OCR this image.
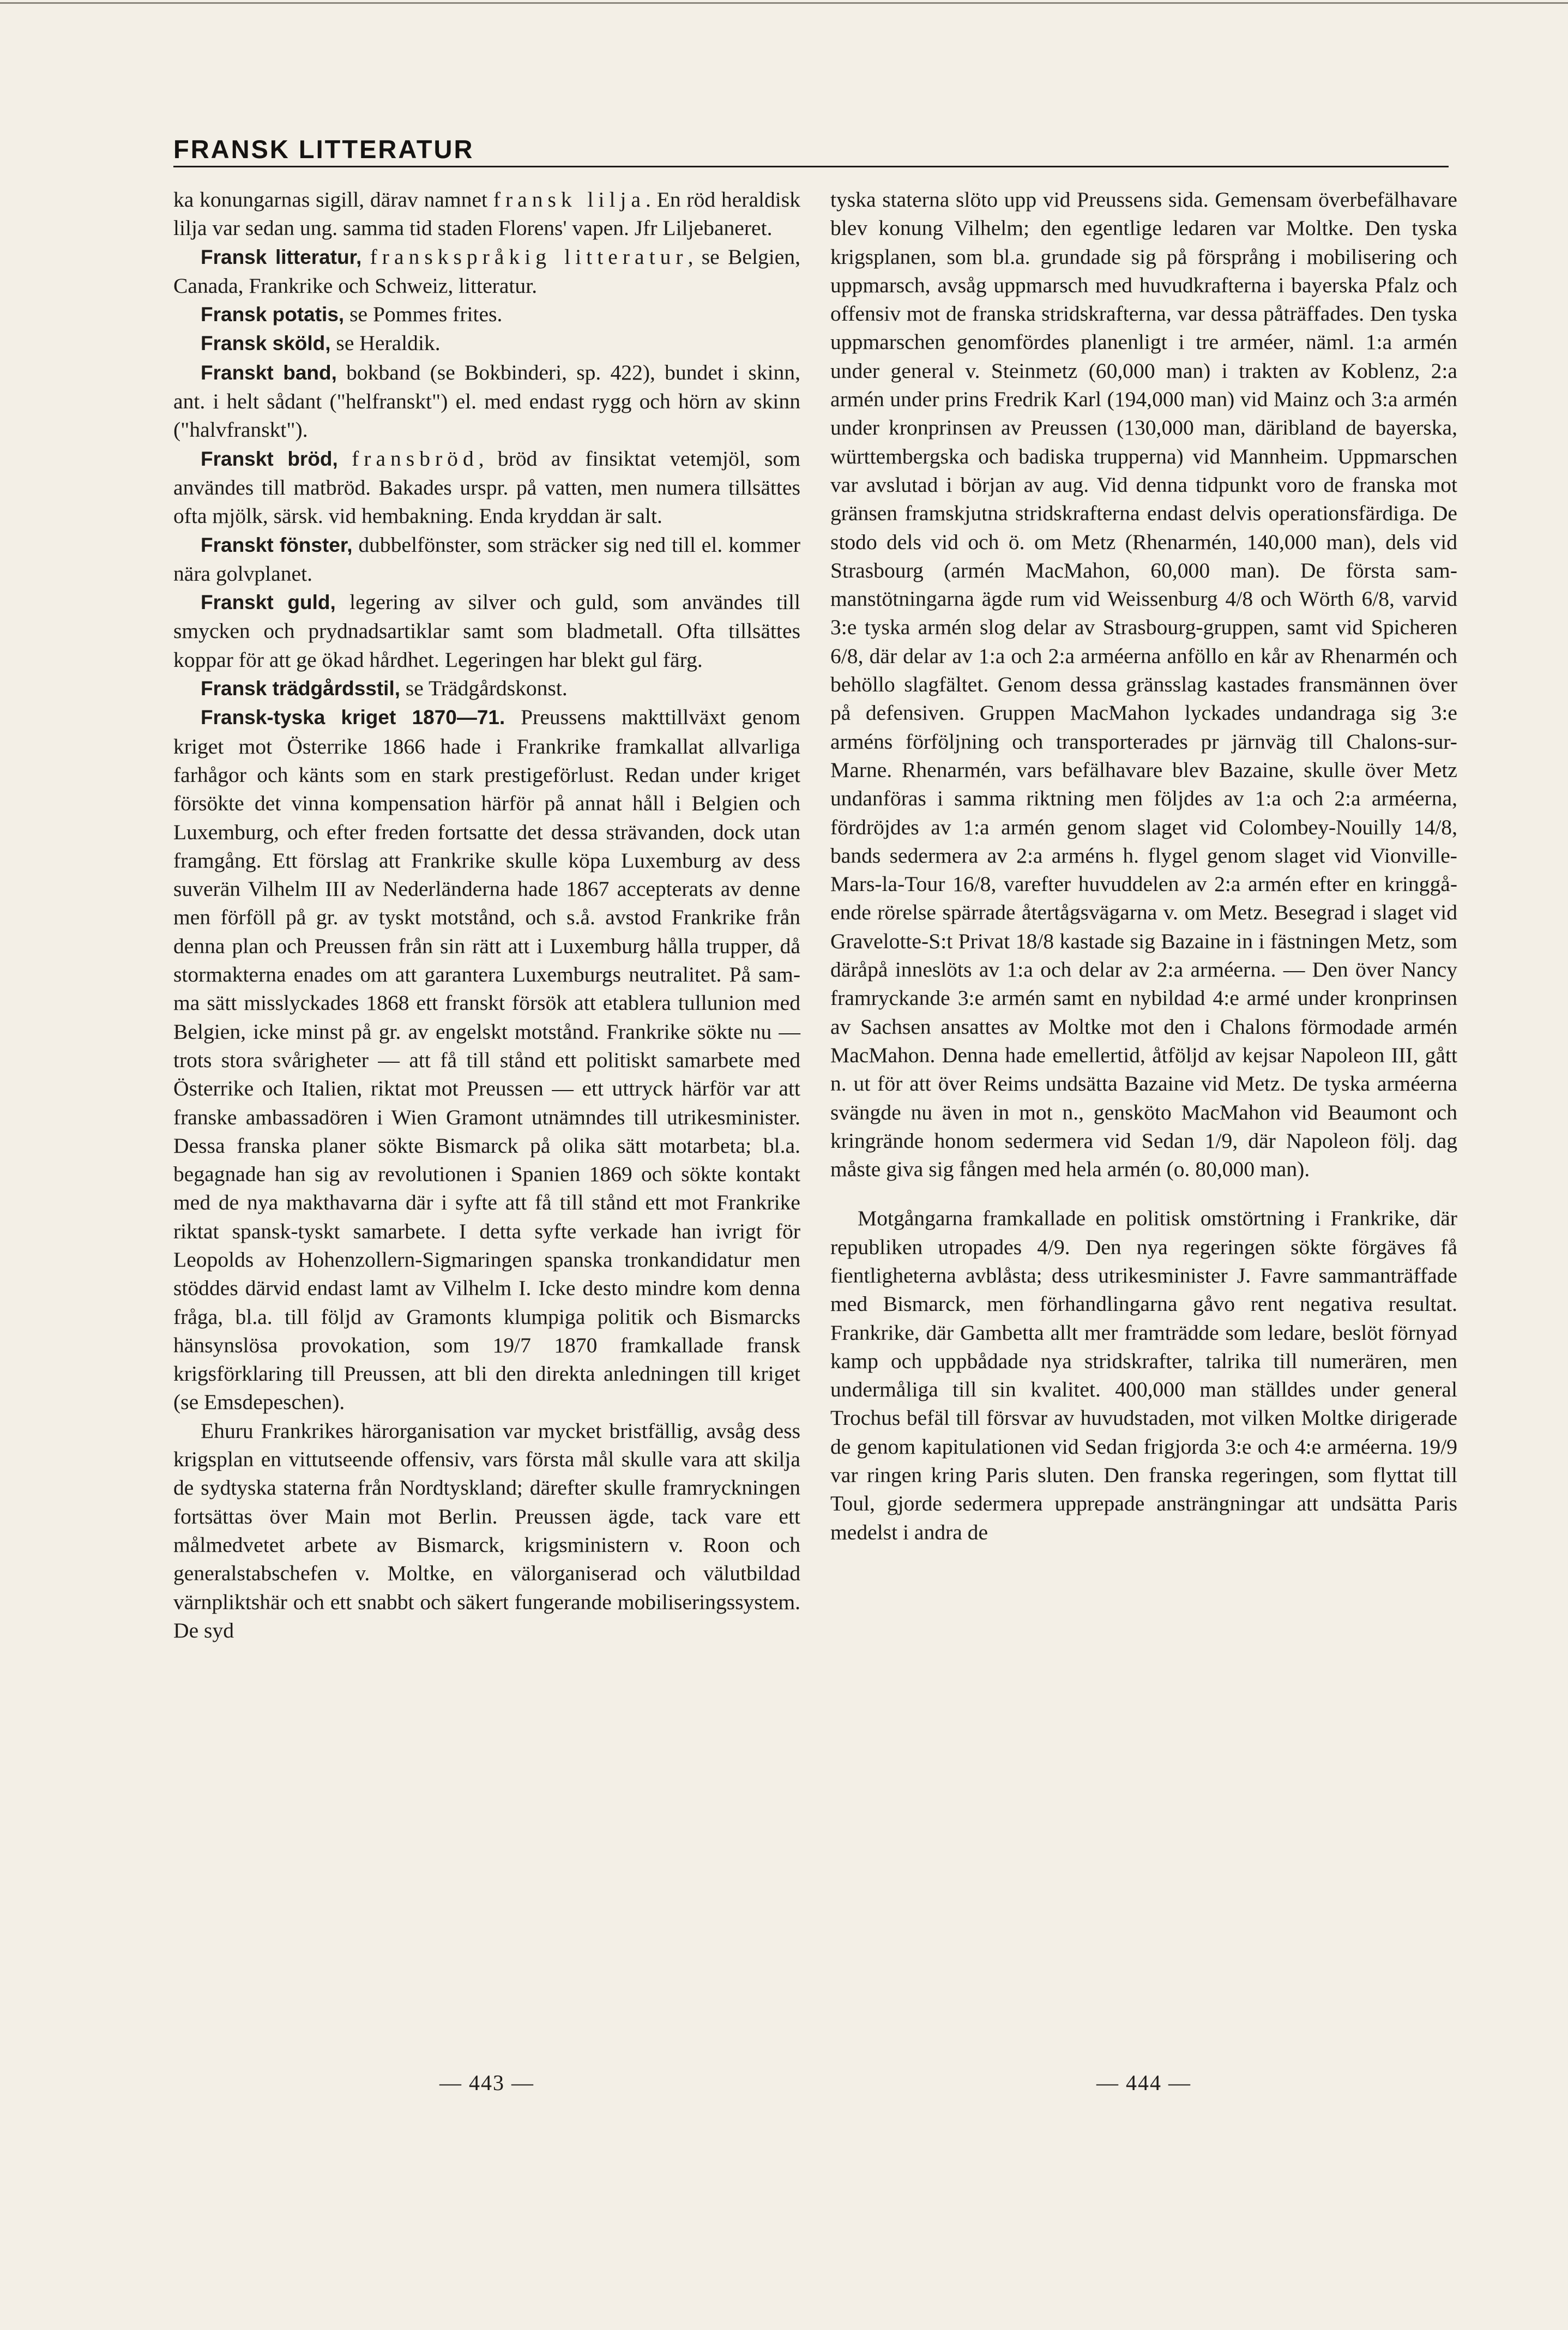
FRANSK LITTERATUR

ka konungarnas sigill, därav namnet fransk lilja. En röd heraldisk lilja var sedan ung. samma tid staden Florens' vapen. Jfr Liljebaneret.

Fransk litteratur, franskspråkig litteratur, se Belgien, Canada, Frankrike och Schweiz, litteratur.

Fransk potatis, se Pommes frites.

Fransk sköld, se Heraldik.

Franskt band, bokband (se Bokbinderi, sp. 422), bundet i skinn, ant. i helt sådant ("helfranskt") el. med endast rygg och hörn av skinn ("halvfranskt").

Franskt bröd, fransbröd, bröd av finsiktat vetemjöl, som användes till matbröd. Bakades urspr. på vatten, men numera tillsättes ofta mjölk, särsk. vid hembakning. Enda kryddan är salt.

Franskt fönster, dubbelfönster, som sträcker sig ned till el. kommer nära golvplanet.

Franskt guld, legering av silver och guld, som användes till smycken och prydnadsartiklar samt som bladmetall. Ofta tillsättes koppar för att ge ökad hårdhet. Legeringen har blekt gul färg.

Fransk trädgårdsstil, se Trädgårdskonst.

Fransk-tyska kriget 1870—71. Preussens makttillväxt genom kriget mot Österrike 1866 hade i Frankrike framkallat allvarliga farhågor och känts som en stark prestigeförlust. Redan under kriget försökte det vinna kompensation härför på annat håll i Belgien och Luxemburg, och efter freden fortsatte det dessa strävanden, dock utan framgång. Ett förslag att Frankrike skulle köpa Luxemburg av dess suverän Vilhelm III av Nederländerna hade 1867 accepterats av denne men förföll på gr. av tyskt motstånd, och s.å. avstod Frankrike från denna plan och Preussen från sin rätt att i Luxemburg hålla trupper, då stormakterna enades om att garantera Luxemburgs neutralitet. På samma sätt misslyckades 1868 ett franskt försök att etablera tullunion med Belgien, icke minst på gr. av engelskt motstånd. Frankrike sökte nu — trots stora svårigheter — att få till stånd ett politiskt samarbete med Österrike och Italien, riktat mot Preussen — ett uttryck härför var att franske ambassadören i Wien Gramont utnämndes till utrikesminister. Dessa franska planer sökte Bismarck på olika sätt motarbeta; bl.a. begagnade han sig av revolutionen i Spanien 1869 och sökte kontakt med de nya makthavarna där i syfte att få till stånd ett mot Frankrike riktat spansk-tyskt samarbete. I detta syfte verkade han ivrigt för Leopolds av Hohenzollern-Sigmaringen spanska tronkandidatur men stöddes därvid endast lamt av Vilhelm I. Icke desto mindre kom denna fråga, bl.a. till följd av Gramonts klumpiga politik och Bismarcks hänsynslösa provokation, som 19/7 1870 framkallade fransk krigsförklaring till Preussen, att bli den direkta anledningen till kriget (se Emsdepeschen).

Ehuru Frankrikes härorganisation var mycket bristfällig, avsåg dess krigsplan en vittutseende offensiv, vars första mål skulle vara att skilja de sydtyska staterna från Nordtyskland; därefter skulle framryckningen fortsättas över Main mot Berlin. Preussen ägde, tack vare ett målmedvetet arbete av Bismarck, krigsministern v. Roon och generalstabschefen v. Moltke, en välorganiserad och välutbildad värnpliktshär och ett snabbt och säkert fungerande mobiliseringssystem. De syd

tyska staterna slöto upp vid Preussens sida. Gemensam överbefälhavare blev konung Vilhelm; den egentlige ledaren var Moltke. Den tyska krigsplanen, som bl.a. grundade sig på försprång i mobilisering och uppmarsch, avsåg uppmarsch med huvudkrafterna i bayerska Pfalz och offensiv mot de franska stridskrafterna, var dessa påträffades. Den tyska uppmarschen genomfördes planenligt i tre arméer, näml. 1:a armén under general v. Steinmetz (60,000 man) i trakten av Koblenz, 2:a armén under prins Fredrik Karl (194,000 man) vid Mainz och 3:a armén under kronprinsen av Preussen (130,000 man, däribland de bayerska, württembergska och badiska trupperna) vid Mannheim. Uppmarschen var avslutad i början av aug. Vid denna tidpunkt voro de franska mot gränsen framskjutna stridskrafterna endast delvis operationsfärdiga. De stodo dels vid och ö. om Metz (Rhenarmén, 140,000 man), dels vid Strasbourg (armén MacMahon, 60,000 man). De första sammanstötningarna ägde rum vid Weissenburg 4/8 och Wörth 6/8, varvid 3:e tyska armén slog delar av Strasbourg-gruppen, samt vid Spicheren 6/8, där delar av 1:a och 2:a arméerna anföllo en kår av Rhenarmén och behöllo slagfältet. Genom dessa gränsslag kastades fransmännen över på defensiven. Gruppen MacMahon lyckades undandraga sig 3:e arméns förföljning och transporterades pr järnväg till Chalons-sur-Marne. Rhenarmén, vars befälhavare blev Bazaine, skulle över Metz undanföras i samma riktning men följdes av 1:a och 2:a arméerna, fördröjdes av 1:a armén genom slaget vid Colombey-Nouilly 14/8, bands sedermera av 2:a arméns h. flygel genom slaget vid Vionville-Mars-la-Tour 16/8, varefter huvuddelen av 2:a armén efter en kringgående rörelse spärrade återtågsvägarna v. om Metz. Besegrad i slaget vid Gravelotte-S:t Privat 18/8 kastade sig Bazaine in i fästningen Metz, som däråpå inneslöts av 1:a och delar av 2:a arméerna. — Den över Nancy framryckande 3:e armén samt en nybildad 4:e armé under kronprinsen av Sachsen ansattes av Moltke mot den i Chalons förmodade armén MacMahon. Denna hade emellertid, åtföljd av kejsar Napoleon III, gått n. ut för att över Reims undsätta Bazaine vid Metz. De tyska arméerna svängde nu även in mot n., gensköto MacMahon vid Beaumont och kringrände honom sedermera vid Sedan 1/9, där Napoleon följ. dag måste giva sig fången med hela armén (o. 80,000 man).

Motgångarna framkallade en politisk omstörtning i Frankrike, där republiken utropades 4/9. Den nya regeringen sökte förgäves få fientligheterna avblåsta; dess utrikesminister J. Favre sammanträffade med Bismarck, men förhandlingarna gåvo rent negativa resultat. Frankrike, där Gambetta allt mer framträdde som ledare, beslöt förnyad kamp och uppbådade nya stridskrafter, talrika till numerären, men undermåliga till sin kvalitet. 400,000 man ställdes under general Trochus befäl till försvar av huvudstaden, mot vilken Moltke dirigerade de genom kapitulationen vid Sedan frigjorda 3:e och 4:e arméerna. 19/9 var ringen kring Paris sluten. Den franska regeringen, som flyttat till Toul, gjorde sedermera upprepade ansträngningar att undsätta Paris medelst i andra de

— 443 —	— 444 —
